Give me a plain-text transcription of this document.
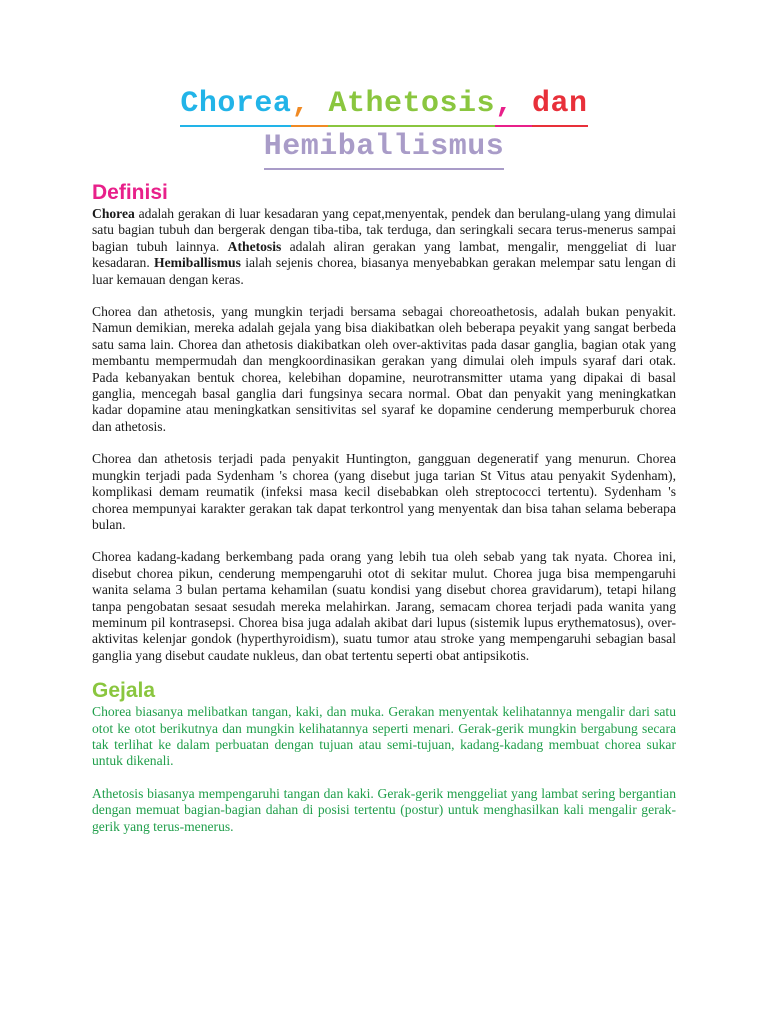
Chorea, Athetosis, dan
Hemiballismus
Definisi

Chorea adalah gerakan di luar kesadaran yang cepat,menyentak, pendek dan berulang-ulang yang dimulai satu bagian tubuh dan bergerak dengan tiba-tiba, tak terduga, dan seringkali secara terus-menerus sampai bagian tubuh lainnya. Athetosis adalah aliran gerakan yang lambat, mengalir, menggeliat di luar kesadaran. Hemiballismus ialah sejenis chorea, biasanya menyebabkan gerakan melempar satu lengan di luar kemauan dengan keras.

Chorea dan athetosis, yang mungkin terjadi bersama sebagai choreoathetosis, adalah bukan penyakit. Namun demikian, mereka adalah gejala yang bisa diakibatkan oleh beberapa peyakit yang sangat berbeda satu sama lain. Chorea dan athetosis diakibatkan oleh over-aktivitas pada dasar ganglia, bagian otak yang membantu mempermudah dan mengkoordinasikan gerakan yang dimulai oleh impuls syaraf dari otak. Pada kebanyakan bentuk chorea, kelebihan dopamine, neurotransmitter utama yang dipakai di basal ganglia, mencegah basal ganglia dari fungsinya secara normal. Obat dan penyakit yang meningkatkan kadar dopamine atau meningkatkan sensitivitas sel syaraf ke dopamine cenderung memperburuk chorea dan athetosis.

Chorea dan athetosis terjadi pada penyakit Huntington, gangguan degeneratif yang menurun. Chorea mungkin terjadi pada Sydenham 's chorea (yang disebut juga tarian St Vitus atau penyakit Sydenham), komplikasi demam reumatik (infeksi masa kecil disebabkan oleh streptococci tertentu). Sydenham 's chorea mempunyai karakter gerakan tak dapat terkontrol yang menyentak dan bisa tahan selama beberapa bulan.

Chorea kadang-kadang berkembang pada orang yang lebih tua oleh sebab yang tak nyata. Chorea ini, disebut chorea pikun, cenderung mempengaruhi otot di sekitar mulut. Chorea juga bisa mempengaruhi wanita selama 3 bulan pertama kehamilan (suatu kondisi yang disebut chorea gravidarum), tetapi hilang tanpa pengobatan sesaat sesudah mereka melahirkan. Jarang, semacam chorea terjadi pada wanita yang meminum pil kontrasepsi. Chorea bisa juga adalah akibat dari lupus (sistemik lupus erythematosus), over-aktivitas kelenjar gondok (hyperthyroidism), suatu tumor atau stroke yang mempengaruhi sebagian basal ganglia yang disebut caudate nukleus, dan obat tertentu seperti obat antipsikotis.

Gejala

Chorea biasanya melibatkan tangan, kaki, dan muka. Gerakan menyentak kelihatannya mengalir dari satu otot ke otot berikutnya dan mungkin kelihatannya seperti menari. Gerak-gerik mungkin bergabung secara tak terlihat ke dalam perbuatan dengan tujuan atau semi-tujuan, kadang-kadang membuat chorea sukar untuk dikenali.

Athetosis biasanya mempengaruhi tangan dan kaki. Gerak-gerik menggeliat yang lambat sering bergantian dengan memuat bagian-bagian dahan di posisi tertentu (postur) untuk menghasilkan kali mengalir gerak-gerik yang terus-menerus.
